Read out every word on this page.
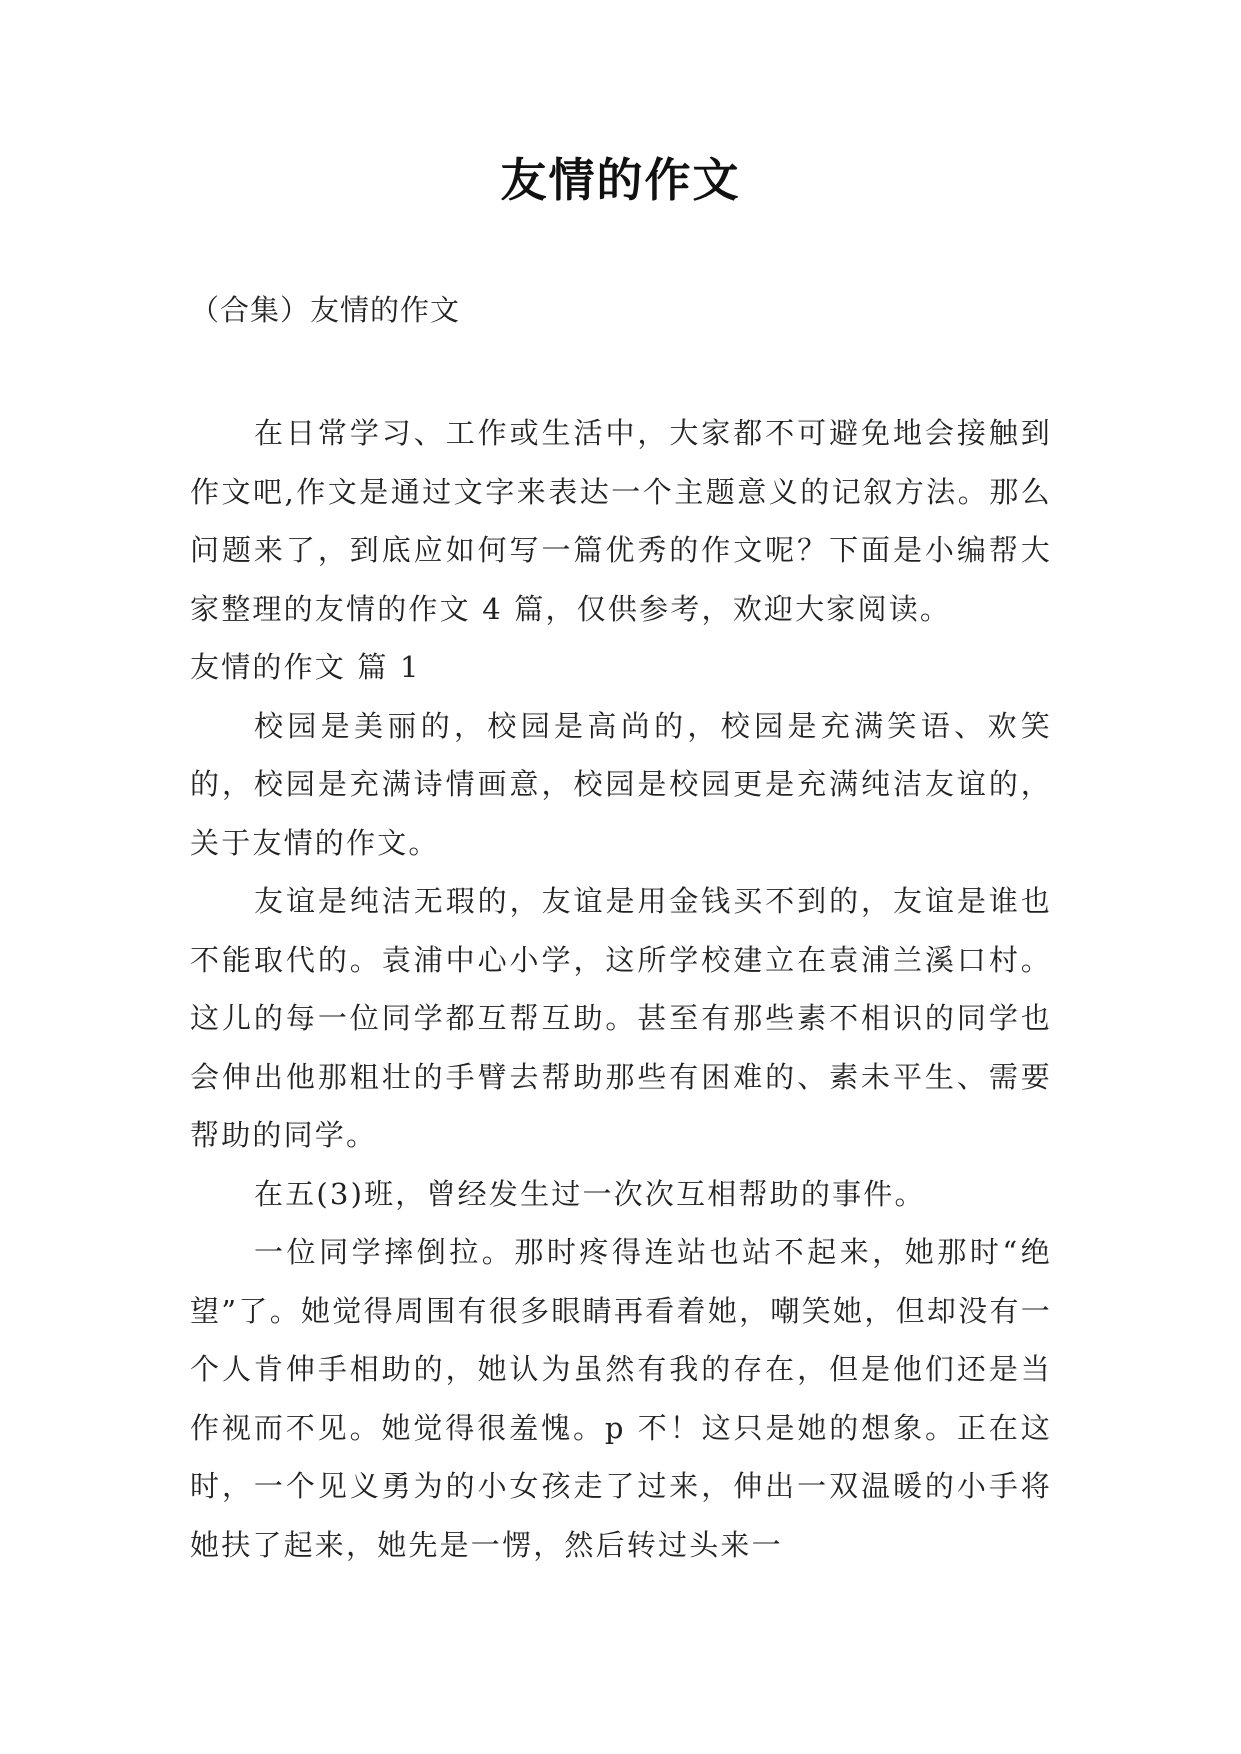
友情的作文
（合集）友情的作文

在日常学习、工作或生活中，大家都不可避免地会接触到作文吧,作文是通过文字来表达一个主题意义的记叙方法。那么问题来了，到底应如何写一篇优秀的作文呢？下面是小编帮大家整理的友情的作文 4 篇，仅供参考，欢迎大家阅读。

友情的作文 篇 1

校园是美丽的，校园是高尚的，校园是充满笑语、欢笑的，校园是充满诗情画意，校园是校园更是充满纯洁友谊的，关于友情的作文。

友谊是纯洁无瑕的，友谊是用金钱买不到的，友谊是谁也不能取代的。袁浦中心小学，这所学校建立在袁浦兰溪口村。这儿的每一位同学都互帮互助。甚至有那些素不相识的同学也会伸出他那粗壮的手臂去帮助那些有困难的、素未平生、需要帮助的同学。

在五(3)班，曾经发生过一次次互相帮助的事件。

一位同学摔倒拉。那时疼得连站也站不起来，她那时“绝望”了。她觉得周围有很多眼睛再看着她，嘲笑她，但却没有一个人肯伸手相助的，她认为虽然有我的存在，但是他们还是当作视而不见。她觉得很羞愧。p 不！这只是她的想象。正在这时，一个见义勇为的小女孩走了过来，伸出一双温暖的小手将她扶了起来，她先是一愣，然后转过头来一
